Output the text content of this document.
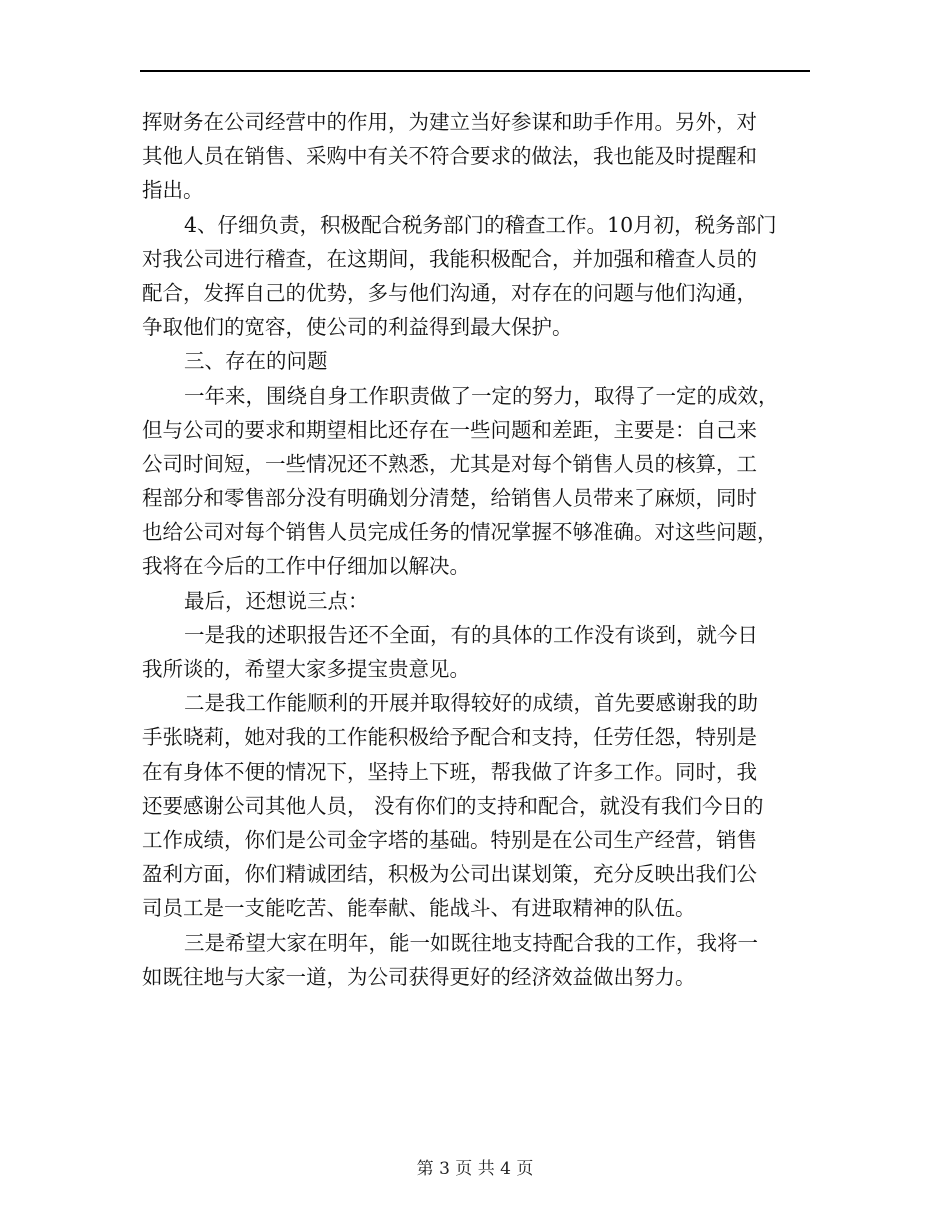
挥财务在公司经营中的作用，为建立当好参谋和助手作用。另外，对
其他人员在销售、采购中有关不符合要求的做法，我也能及时提醒和
指出。
4、仔细负责，积极配合税务部门的稽查工作。10月初，税务部门
对我公司进行稽查，在这期间，我能积极配合，并加强和稽查人员的
配合，发挥自己的优势，多与他们沟通，对存在的问题与他们沟通，
争取他们的宽容，使公司的利益得到最大保护。
三、存在的问题
一年来，围绕自身工作职责做了一定的努力，取得了一定的成效，
但与公司的要求和期望相比还存在一些问题和差距，主要是：自己来
公司时间短，一些情况还不熟悉，尤其是对每个销售人员的核算，工
程部分和零售部分没有明确划分清楚，给销售人员带来了麻烦，同时
也给公司对每个销售人员完成任务的情况掌握不够准确。对这些问题，
我将在今后的工作中仔细加以解决。
最后，还想说三点：
一是我的述职报告还不全面，有的具体的工作没有谈到，就今日
我所谈的，希望大家多提宝贵意见。
二是我工作能顺利的开展并取得较好的成绩，首先要感谢我的助
手张晓莉，她对我的工作能积极给予配合和支持，任劳任怨，特别是
在有身体不便的情况下，坚持上下班，帮我做了许多工作。同时，我
还要感谢公司其他人员， 没有你们的支持和配合，就没有我们今日的
工作成绩，你们是公司金字塔的基础。特别是在公司生产经营，销售
盈利方面，你们精诚团结，积极为公司出谋划策，充分反映出我们公
司员工是一支能吃苦、能奉献、能战斗、有进取精神的队伍。
三是希望大家在明年，能一如既往地支持配合我的工作，我将一
如既往地与大家一道，为公司获得更好的经济效益做出努力。
第 3 页 共 4 页
